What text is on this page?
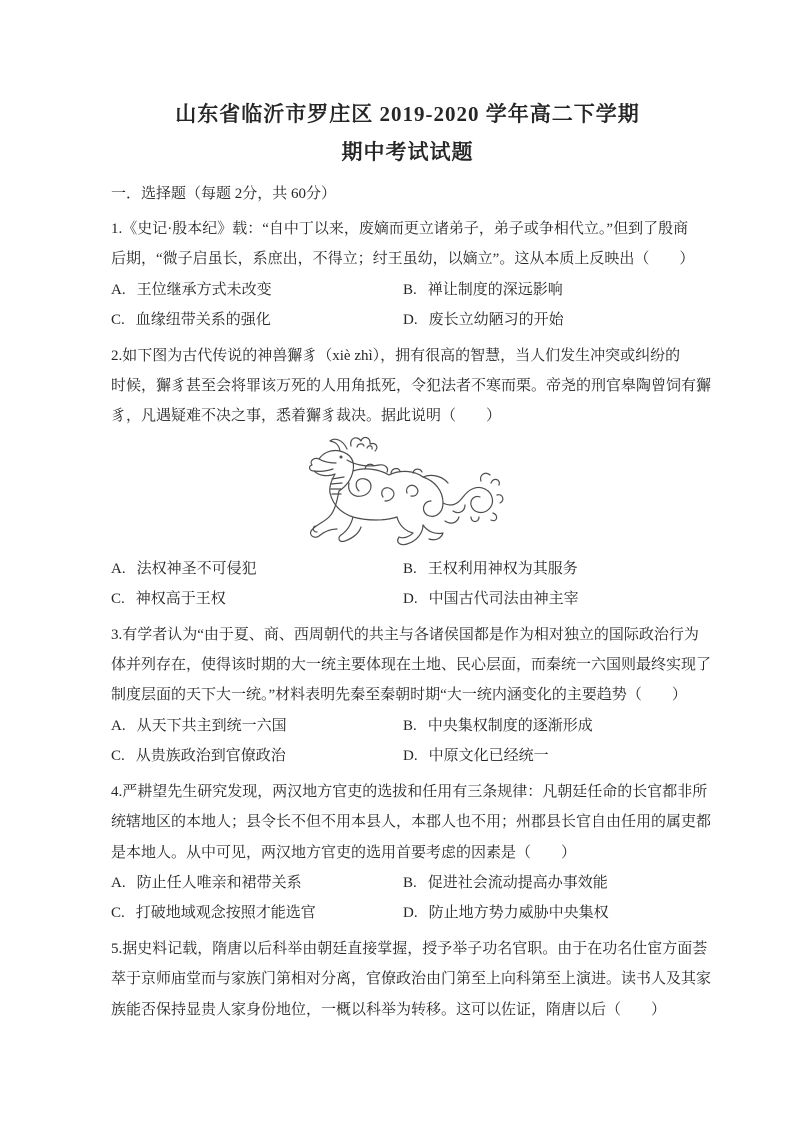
山东省临沂市罗庄区 2019-2020 学年高二下学期
期中考试试题
一．选择题（每题 2分，共 60分）
1.《史记·殷本纪》载：“自中丁以来，废嫡而更立诸弟子，弟子或争相代立。”但到了殷商
后期，“微子启虽长，系庶出，不得立；纣王虽幼，以嫡立”。这从本质上反映出（　　）
A. 王位继承方式未改变	B. 禅让制度的深远影响
C. 血缘纽带关系的强化	D. 废长立幼陋习的开始
2.如下图为古代传说的神兽獬豸（xiè zhì），拥有很高的智慧，当人们发生冲突或纠纷的
时候，獬豸甚至会将罪该万死的人用角抵死，令犯法者不寒而栗。帝尧的刑官皋陶曾饲有獬
豸，凡遇疑难不决之事，悉着獬豸裁决。据此说明（　　）
A. 法权神圣不可侵犯	B. 王权利用神权为其服务
C. 神权高于王权	D. 中国古代司法由神主宰
3.有学者认为“由于夏、商、西周朝代的共主与各诸侯国都是作为相对独立的国际政治行为
体并列存在，使得该时期的大一统主要体现在土地、民心层面，而秦统一六国则最终实现了
制度层面的天下大一统。”材料表明先秦至秦朝时期“大一统内涵变化的主要趋势（　　）
A. 从天下共主到统一六国	B. 中央集权制度的逐渐形成
C. 从贵族政治到官僚政治	D. 中原文化已经统一
4.严耕望先生研究发现，两汉地方官吏的选拔和任用有三条规律：凡朝廷任命的长官都非所
统辖地区的本地人；县令长不但不用本县人，本郡人也不用；州郡县长官自由任用的属吏都
是本地人。从中可见，两汉地方官吏的选用首要考虑的因素是（　　）
A. 防止任人唯亲和裙带关系	B. 促进社会流动提高办事效能
C. 打破地域观念按照才能选官	D. 防止地方势力威胁中央集权
5.据史料记载，隋唐以后科举由朝廷直接掌握，授予举子功名官职。由于在功名仕宦方面荟
萃于京师庙堂而与家族门第相对分离，官僚政治由门第至上向科第至上演进。读书人及其家
族能否保持显贵人家身份地位，一概以科举为转移。这可以佐证，隋唐以后（　　）
